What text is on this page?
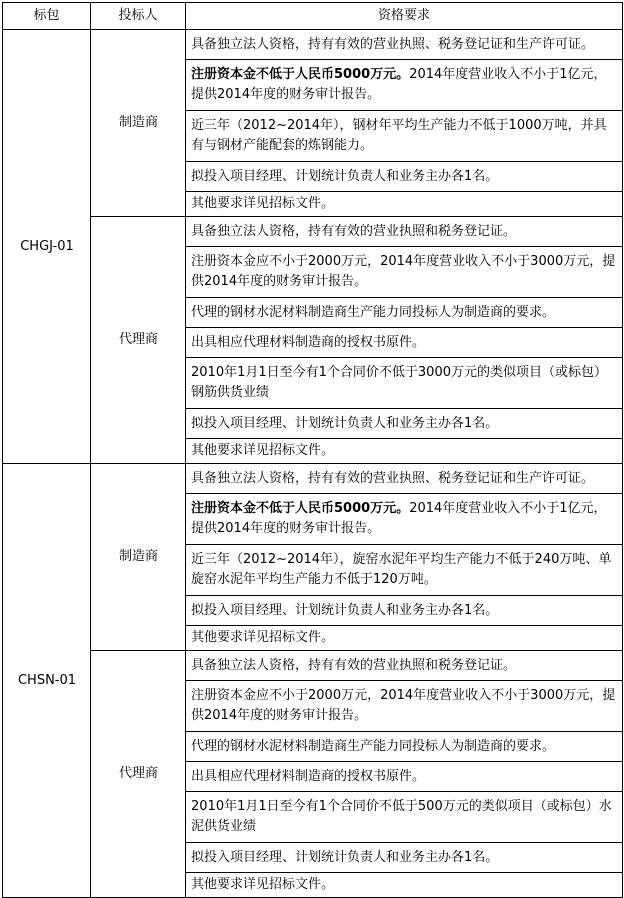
标包	投标人	资格要求
CHGJ-01	制造商	具备独立法人资格，持有有效的营业执照、税务登记证和生产许可证。
		注册资本金不低于人民币5000万元。2014年度营业收入不小于1亿元，提供2014年度的财务审计报告。
		近三年（2012~2014年），钢材年平均生产能力不低于1000万吨，并具有与钢材产能配套的炼钢能力。
		拟投入项目经理、计划统计负责人和业务主办各1名。
		其他要求详见招标文件。
	代理商	具备独立法人资格，持有有效的营业执照和税务登记证。
		注册资本金应不小于2000万元，2014年度营业收入不小于3000万元，提供2014年度的财务审计报告。
		代理的钢材水泥材料制造商生产能力同投标人为制造商的要求。
		出具相应代理材料制造商的授权书原件。
		2010年1月1日至今有1个合同价不低于3000万元的类似项目（或标包）钢筋供货业绩
		拟投入项目经理、计划统计负责人和业务主办各1名。
		其他要求详见招标文件。
CHSN-01	制造商	具备独立法人资格，持有有效的营业执照、税务登记证和生产许可证。
		注册资本金不低于人民币5000万元。2014年度营业收入不小于1亿元，提供2014年度的财务审计报告。
		近三年（2012~2014年），旋窑水泥年平均生产能力不低于240万吨、单旋窑水泥年平均生产能力不低于120万吨。
		拟投入项目经理、计划统计负责人和业务主办各1名。
		其他要求详见招标文件。
	代理商	具备独立法人资格，持有有效的营业执照和税务登记证。
		注册资本金应不小于2000万元，2014年度营业收入不小于3000万元，提供2014年度的财务审计报告。
		代理的钢材水泥材料制造商生产能力同投标人为制造商的要求。
		出具相应代理材料制造商的授权书原件。
		2010年1月1日至今有1个合同价不低于500万元的类似项目（或标包）水泥供货业绩
		拟投入项目经理、计划统计负责人和业务主办各1名。
		其他要求详见招标文件。
